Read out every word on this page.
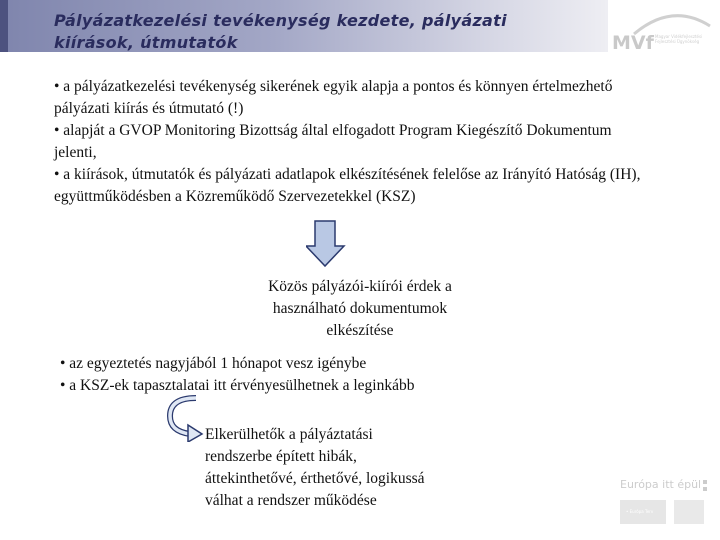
Pályázatkezelési tevékenység kezdete, pályázati kiírások, útmutatók	MVf Magyar Vidékfejlesztési Fejlesztési Ügynökség

• a pályázatkezelési tevékenység sikerének egyik alapja a pontos és könnyen értelmezhető pályázati kiírás és útmutató (!)

• alapját a GVOP Monitoring Bizottság által elfogadott Program Kiegészítő Dokumentum jelenti,

• a kiírások, útmutatók és pályázati adatlapok elkészítésének felelőse az Irányító Hatóság (IH), együttműködésben a Közreműködő Szervezetekkel (KSZ)

Közös pályázói-kiírói érdek a
használható dokumentumok
elkészítése

• az egyeztetés nagyjából 1 hónapot vesz igénybe

• a KSZ-ek tapasztalatai itt érvényesülhetnek a leginkább

Elkerülhetők a pályáztatási
rendszerbe épített hibák,
áttekinthetővé, érthetővé, logikussá
válhat a rendszer működése
Európa itt épül
• Európa Terv
